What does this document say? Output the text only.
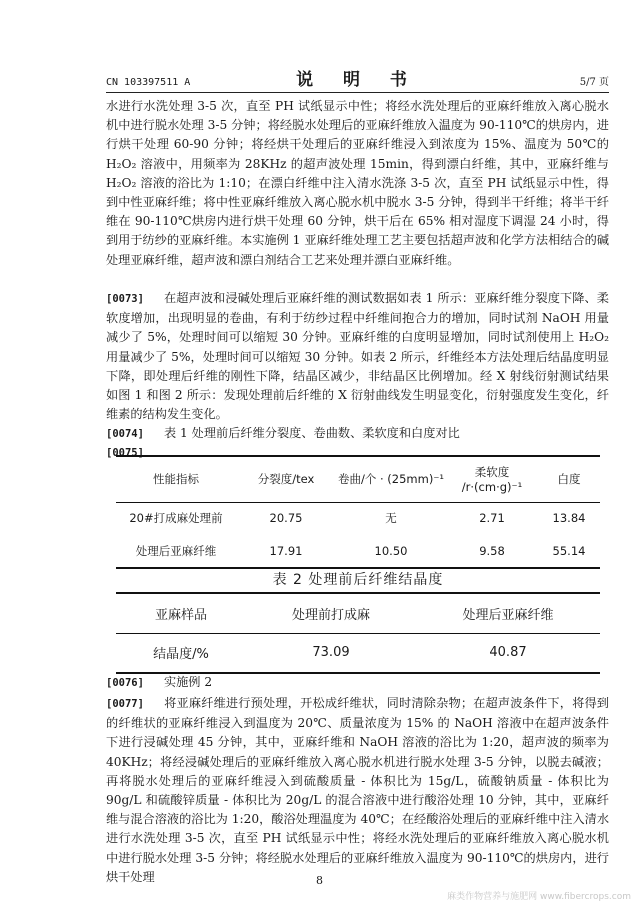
CN 103397511 A	说 明 书	5/7 页
水进行水洗处理 3-5 次，直至 PH 试纸显示中性；将经水洗处理后的亚麻纤维放入离心脱水机中进行脱水处理 3-5 分钟；将经脱水处理后的亚麻纤维放入温度为 90-110℃的烘房内，进行烘干处理 60-90 分钟；将经烘干处理后的亚麻纤维浸入到浓度为 15%、温度为 50℃的 H₂O₂ 溶液中，用频率为 28KHz 的超声波处理 15min，得到漂白纤维，其中，亚麻纤维与 H₂O₂ 溶液的浴比为 1:10；在漂白纤维中注入清水洗涤 3-5 次，直至 PH 试纸显示中性，得到中性亚麻纤维；将中性亚麻纤维放入离心脱水机中脱水 3-5 分钟，得到半干纤维；将半干纤维在 90-110℃烘房内进行烘干处理 60 分钟，烘干后在 65% 相对湿度下调湿 24 小时，得到用于纺纱的亚麻纤维。本实施例 1 亚麻纤维处理工艺主要包括超声波和化学方法相结合的碱处理亚麻纤维，超声波和漂白剂结合工艺来处理并漂白亚麻纤维。
[0073] 在超声波和浸碱处理后亚麻纤维的测试数据如表 1 所示：亚麻纤维分裂度下降、柔软度增加，出现明显的卷曲，有利于纺纱过程中纤维间抱合力的增加，同时试剂 NaOH 用量减少了 5%，处理时间可以缩短 30 分钟。亚麻纤维的白度明显增加，同时试剂使用上 H₂O₂ 用量减少了 5%，处理时间可以缩短 30 分钟。如表 2 所示，纤维经本方法处理后结晶度明显下降，即处理后纤维的刚性下降，结晶区减少，非结晶区比例增加。经 X 射线衍射测试结果如图 1 和图 2 所示：发现处理前后纤维的 X 衍射曲线发生明显变化，衍射强度发生变化，纤维素的结构发生变化。
[0074] 表 1 处理前后纤维分裂度、卷曲数、柔软度和白度对比
[0075]
性能指标	分裂度/tex	卷曲/个 · (25mm)⁻¹	柔软度 /r·(cm·g)⁻¹	白度
20#打成麻处理前	20.75	无	2.71	13.84
处理后亚麻纤维	17.91	10.50	9.58	55.14
表 2 处理前后纤维结晶度
亚麻样品	处理前打成麻	处理后亚麻纤维
结晶度/%	73.09	40.87
[0076] 实施例 2
[0077] 将亚麻纤维进行预处理，开松成纤维状，同时清除杂物；在超声波条件下，将得到的纤维状的亚麻纤维浸入到温度为 20℃、质量浓度为 15% 的 NaOH 溶液中在超声波条件下进行浸碱处理 45 分钟，其中，亚麻纤维和 NaOH 溶液的浴比为 1:20，超声波的频率为 40KHz；将经浸碱处理后的亚麻纤维放入离心脱水机进行脱水处理 3-5 分钟，以脱去碱液；再将脱水处理后的亚麻纤维浸入到硫酸质量 - 体积比为 15g/L，硫酸钠质量 - 体积比为 90g/L 和硫酸锌质量 - 体积比为 20g/L 的混合溶液中进行酸浴处理 10 分钟，其中，亚麻纤维与混合溶液的浴比为 1:20，酸浴处理温度为 40℃；在经酸浴处理后的亚麻纤维中注入清水进行水洗处理 3-5 次，直至 PH 试纸显示中性；将经水洗处理后的亚麻纤维放入离心脱水机中进行脱水处理 3-5 分钟；将经脱水处理后的亚麻纤维放入温度为 90-110℃的烘房内，进行烘干处理	8
麻类作物营养与施肥网 www.fibercrops.com
